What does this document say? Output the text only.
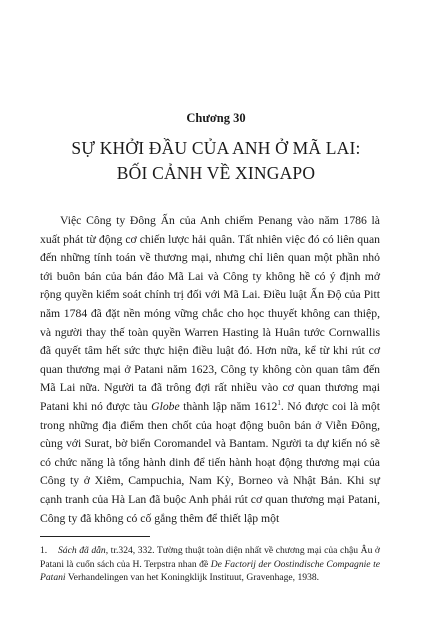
Chương 30
SỰ KHỞI ĐẦU CỦA ANH Ở MÃ LAI:
BỐI CẢNH VỀ XINGAPO

Việc Công ty Đông Ấn của Anh chiếm Penang vào năm 1786 là xuất phát từ động cơ chiến lược hải quân. Tất nhiên việc đó có liên quan đến những tính toán về thương mại, nhưng chỉ liên quan một phần nhỏ tới buôn bán của bán đảo Mã Lai và Công ty không hề có ý định mở rộng quyền kiểm soát chính trị đối với Mã Lai. Điều luật Ấn Độ của Pitt năm 1784 đã đặt nền móng vững chắc cho học thuyết không can thiệp, và người thay thế toàn quyền Warren Hasting là Huân tước Cornwallis đã quyết tâm hết sức thực hiện điều luật đó. Hơn nữa, kể từ khi rút cơ quan thương mại ở Patani năm 1623, Công ty không còn quan tâm đến Mã Lai nữa. Người ta đã trông đợi rất nhiều vào cơ quan thương mại Patani khi nó được tàu Globe thành lập năm 1612$^1$. Nó được coi là một trong những địa điểm then chốt của hoạt động buôn bán ở Viễn Đông, cùng với Surat, bờ biển Coromandel và Bantam. Người ta dự kiến nó sẽ có chức năng là tổng hành dinh để tiến hành hoạt động thương mại của Công ty ở Xiêm, Campuchia, Nam Kỳ, Borneo và Nhật Bản. Khi sự cạnh tranh của Hà Lan đã buộc Anh phải rút cơ quan thương mại Patani, Công ty đã không có cố gắng thêm để thiết lập một

1. Sách đã dẫn, tr.324, 332. Tường thuật toàn diện nhất về chương mại của chậu Âu ở Patani là cuốn sách của H. Terpstra nhan đề De Factorij der Oostindische Compagnie te Patani Verhandelingen van het Koningklijk Instituut, Gravenhage, 1938.
